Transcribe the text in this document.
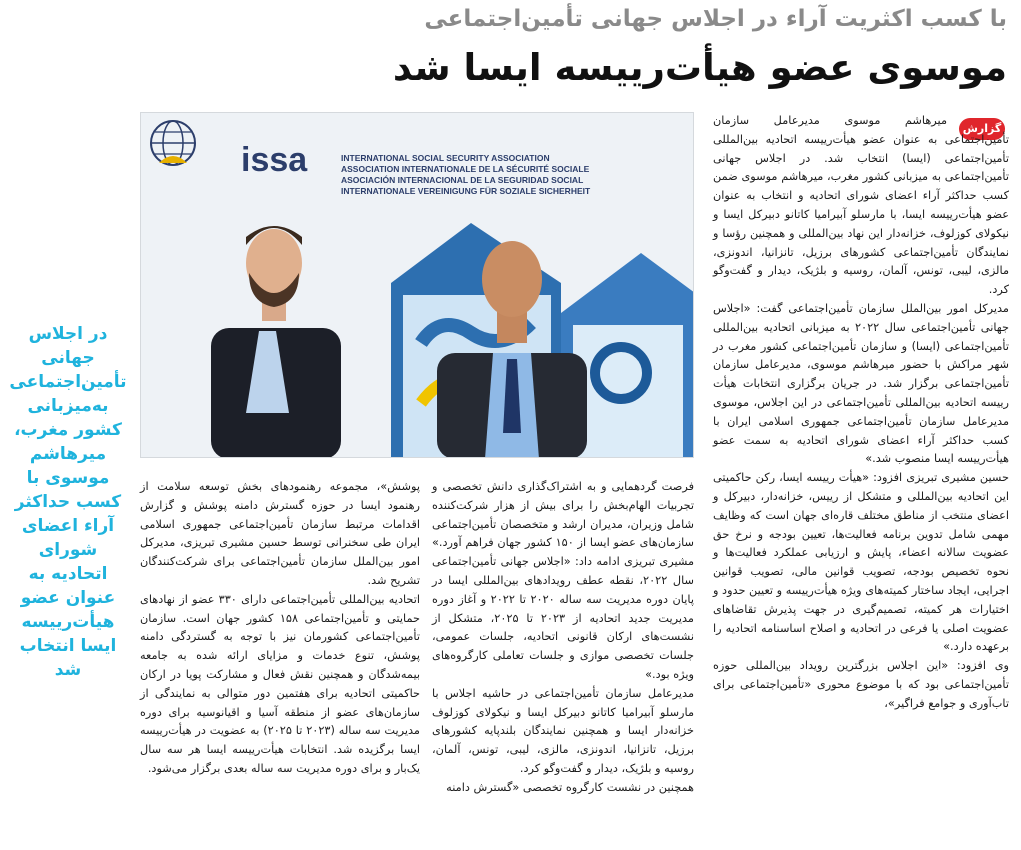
با کسب اکثریت آراء در اجلاس جهانی تأمین‌اجتماعی
موسوی عضو هیأت‌رییسه ایسا شد
issa	INTERNATIONAL SOCIAL SECURITY ASSOCIATION
ASSOCIATION INTERNATIONALE DE LA SÉCURITÉ SOCIALE
ASOCIACIÓN INTERNACIONAL DE LA SEGURIDAD SOCIAL
INTERNATIONALE VEREINIGUNG FÜR SOZIALE SICHERHEIT
در اجلاس جهانی تأمین‌اجتماعی به‌میزبانی کشور مغرب، میرهاشم موسوی با کسب حداکثر آراء اعضای شورای اتحادیه به عنوان عضو هیأت‌رییسه ایسا انتخاب شد
گزارش

میرهاشم موسوی مدیرعامل سازمان تأمین‌اجتماعی به عنوان عضو هیأت‌رییسه اتحادیه بین‌المللی تأمین‌اجتماعی (ایسا) انتخاب شد. در اجلاس جهانی تأمین‌اجتماعی به میزبانی کشور مغرب، میرهاشم موسوی ضمن کسب حداکثر آراء اعضای شورای اتحادیه و انتخاب به عنوان عضو هیأت‌رییسه ایسا، با مارسلو آبیرامیا کاتانو دبیرکل ایسا و نیکولای کوزلوف، خزانه‌دار این نهاد بین‌المللی و همچنین رؤسا و نمایندگان تأمین‌اجتماعی کشورهای برزیل، تانزانیا، اندونزی، مالزی، لیبی، تونس، آلمان، روسیه و بلژیک، دیدار و گفت‌وگو کرد.

مدیرکل امور بین‌الملل سازمان تأمین‌اجتماعی گفت: «اجلاس جهانی تأمین‌اجتماعی سال ۲۰۲۲ به میزبانی اتحادیه بین‌المللی تأمین‌اجتماعی (ایسا) و سازمان تأمین‌اجتماعی کشور مغرب در شهر مراکش با حضور میرهاشم موسوی، مدیرعامل سازمان تأمین‌اجتماعی برگزار شد. در جریان برگزاری انتخابات هیأت رییسه اتحادیه بین‌المللی تأمین‌اجتماعی در این اجلاس، موسوی مدیرعامل سازمان تأمین‌اجتماعی جمهوری اسلامی ایران با کسب حداکثر آراء اعضای شورای اتحادیه به سمت عضو هیأت‌رییسه ایسا منصوب شد.»

حسین مشیری تبریزی افزود: «هیأت رییسه ایسا، رکن حاکمیتی این اتحادیه بین‌المللی و متشکل از رییس، خزانه‌دار، دبیرکل و اعضای منتخب از مناطق مختلف قاره‌ای جهان است که وظایف مهمی شامل تدوین برنامه فعالیت‌ها، تعیین بودجه و نرخ حق عضویت سالانه اعضاء، پایش و ارزیابی عملکرد فعالیت‌ها و نحوه تخصیص بودجه، تصویب قوانین مالی، تصویب قوانین اجرایی، ایجاد ساختار کمیته‌های ویژه هیأت‌رییسه و تعیین حدود و اختیارات هر کمیته، تصمیم‌گیری در جهت پذیرش تقاضاهای عضویت اصلی یا فرعی در اتحادیه و اصلاح اساسنامه اتحادیه را برعهده دارد.»

وی افزود: «این اجلاس بزرگترین رویداد بین‌المللی حوزه تأمین‌اجتماعی بود که با موضوع محوری «تأمین‌اجتماعی برای تاب‌آوری و جوامع فراگیر»،

فرصت گردهمایی و به اشتراک‌گذاری دانش تخصصی و تجربیات الهام‌بخش را برای بیش از هزار شرکت‌کننده شامل وزیران، مدیران ارشد و متخصصان تأمین‌اجتماعی سازمان‌های عضو ایسا از ۱۵۰ کشور جهان فراهم آورد.» مشیری تبریزی ادامه داد: «اجلاس جهانی تأمین‌اجتماعی سال ۲۰۲۲، نقطه عطف رویدادهای بین‌المللی ایسا در پایان دوره مدیریت سه ساله ۲۰۲۰ تا ۲۰۲۲ و آغاز دوره مدیریت جدید اتحادیه از ۲۰۲۳ تا ۲۰۲۵، متشکل از نشست‌های ارکان قانونی اتحادیه، جلسات عمومی، جلسات تخصصی موازی و جلسات تعاملی کارگروه‌های ویژه بود.»

مدیرعامل سازمان تأمین‌اجتماعی در حاشیه اجلاس با مارسلو آبیرامیا کاتانو دبیرکل ایسا و نیکولای کوزلوف خزانه‌دار ایسا و همچنین نمایندگان بلندپایه کشورهای برزیل، تانزانیا، اندونزی، مالزی، لیبی، تونس، آلمان، روسیه و بلژیک، دیدار و گفت‌وگو کرد.

همچنین در نشست کارگروه تخصصی «گسترش دامنه

پوشش»، مجموعه رهنمودهای بخش توسعه سلامت از رهنمود ایسا در حوزه گسترش دامنه پوشش و گزارش اقدامات مرتبط سازمان تأمین‌اجتماعی جمهوری اسلامی ایران طی سخنرانی توسط حسین مشیری تبریزی، مدیرکل امور بین‌الملل سازمان تأمین‌اجتماعی برای شرکت‌کنندگان تشریح شد.

اتحادیه بین‌المللی تأمین‌اجتماعی دارای ۳۳۰ عضو از نهادهای حمایتی و تأمین‌اجتماعی ۱۵۸ کشور جهان است. سازمان تأمین‌اجتماعی کشورمان نیز با توجه به گستردگی دامنه پوشش، تنوع خدمات و مزایای ارائه شده به جامعه بیمه‌شدگان و همچنین نقش فعال و مشارکت پویا در ارکان حاکمیتی اتحادیه برای هفتمین دور متوالی به نمایندگی از سازمان‌های عضو از منطقه آسیا و اقیانوسیه برای دوره مدیریت سه ساله (۲۰۲۳ تا ۲۰۲۵) به عضویت در هیأت‌رییسه ایسا برگزیده شد. انتخابات هیأت‌رییسه ایسا هر سه سال یک‌بار و برای دوره مدیریت سه ساله بعدی برگزار می‌شود.
